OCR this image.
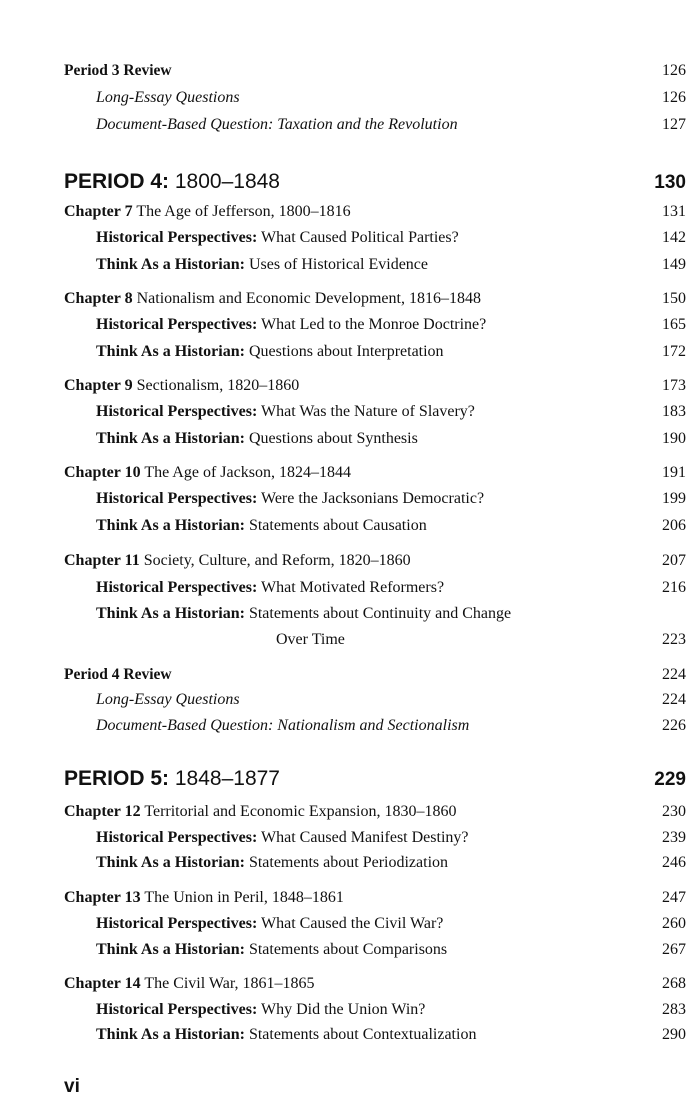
Period 3 Review	126
Long-Essay Questions	126
Document-Based Question: Taxation and the Revolution	127
PERIOD 4: 1800–1848	130
Chapter 7 The Age of Jefferson, 1800–1816	131
Historical Perspectives: What Caused Political Parties?	142
Think As a Historian: Uses of Historical Evidence	149
Chapter 8 Nationalism and Economic Development, 1816–1848	150
Historical Perspectives: What Led to the Monroe Doctrine?	165
Think As a Historian: Questions about Interpretation	172
Chapter 9 Sectionalism, 1820–1860	173
Historical Perspectives: What Was the Nature of Slavery?	183
Think As a Historian: Questions about Synthesis	190
Chapter 10 The Age of Jackson, 1824–1844	191
Historical Perspectives: Were the Jacksonians Democratic?	199
Think As a Historian: Statements about Causation	206
Chapter 11 Society, Culture, and Reform, 1820–1860	207
Historical Perspectives: What Motivated Reformers?	216
Think As a Historian: Statements about Continuity and Change
Over Time	223
Period 4 Review	224
Long-Essay Questions	224
Document-Based Question: Nationalism and Sectionalism	226
PERIOD 5: 1848–1877	229
Chapter 12 Territorial and Economic Expansion, 1830–1860	230
Historical Perspectives: What Caused Manifest Destiny?	239
Think As a Historian: Statements about Periodization	246
Chapter 13 The Union in Peril, 1848–1861	247
Historical Perspectives: What Caused the Civil War?	260
Think As a Historian: Statements about Comparisons	267
Chapter 14 The Civil War, 1861–1865	268
Historical Perspectives: Why Did the Union Win?	283
Think As a Historian: Statements about Contextualization	290
vi
